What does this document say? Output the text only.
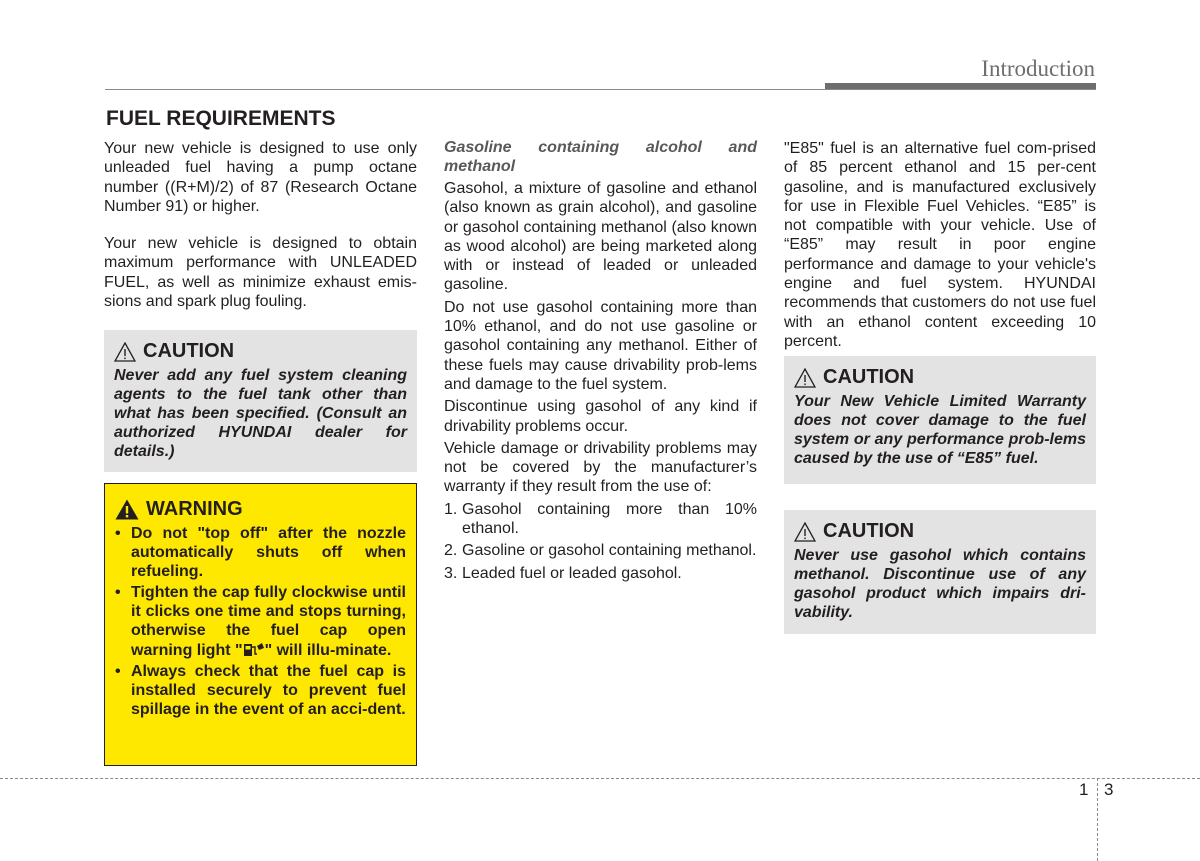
Introduction
FUEL REQUIREMENTS

Your new vehicle is designed to use only unleaded fuel having a pump octane number ((R+M)/2) of 87 (Research Octane Number 91) or higher.

Your new vehicle is designed to obtain maximum performance with UNLEADED FUEL, as well as minimize exhaust emis-sions and spark plug fouling.

CAUTION

Never add any fuel system cleaning agents to the fuel tank other than what has been specified. (Consult an authorized HYUNDAI dealer for details.)

WARNING
• Do not "top off" after the nozzle automatically shuts off when refueling.
• Tighten the cap fully clockwise until it clicks one time and stops turning, otherwise the fuel cap open warning light " " will illu-minate.
• Always check that the fuel cap is installed securely to prevent fuel spillage in the event of an acci-dent.

Gasoline containing alcohol and methanol

Gasohol, a mixture of gasoline and ethanol (also known as grain alcohol), and gasoline or gasohol containing methanol (also known as wood alcohol) are being marketed along with or instead of leaded or unleaded gasoline.

Do not use gasohol containing more than 10% ethanol, and do not use gasoline or gasohol containing any methanol. Either of these fuels may cause drivability prob-lems and damage to the fuel system.

Discontinue using gasohol of any kind if drivability problems occur.

Vehicle damage or drivability problems may not be covered by the manufacturer’s warranty if they result from the use of:

1. Gasohol containing more than 10% ethanol.
2. Gasoline or gasohol containing methanol.
3. Leaded fuel or leaded gasohol.

"E85" fuel is an alternative fuel com-prised of 85 percent ethanol and 15 per-cent gasoline, and is manufactured exclusively for use in Flexible Fuel Vehicles. “E85” is not compatible with your vehicle. Use of “E85” may result in poor engine performance and damage to your vehicle's engine and fuel system. HYUNDAI recommends that customers do not use fuel with an ethanol content exceeding 10 percent.

CAUTION

Your New Vehicle Limited Warranty does not cover damage to the fuel system or any performance prob-lems caused by the use of “E85” fuel.

CAUTION

Never use gasohol which contains methanol. Discontinue use of any gasohol product which impairs dri-vability.

1 3
